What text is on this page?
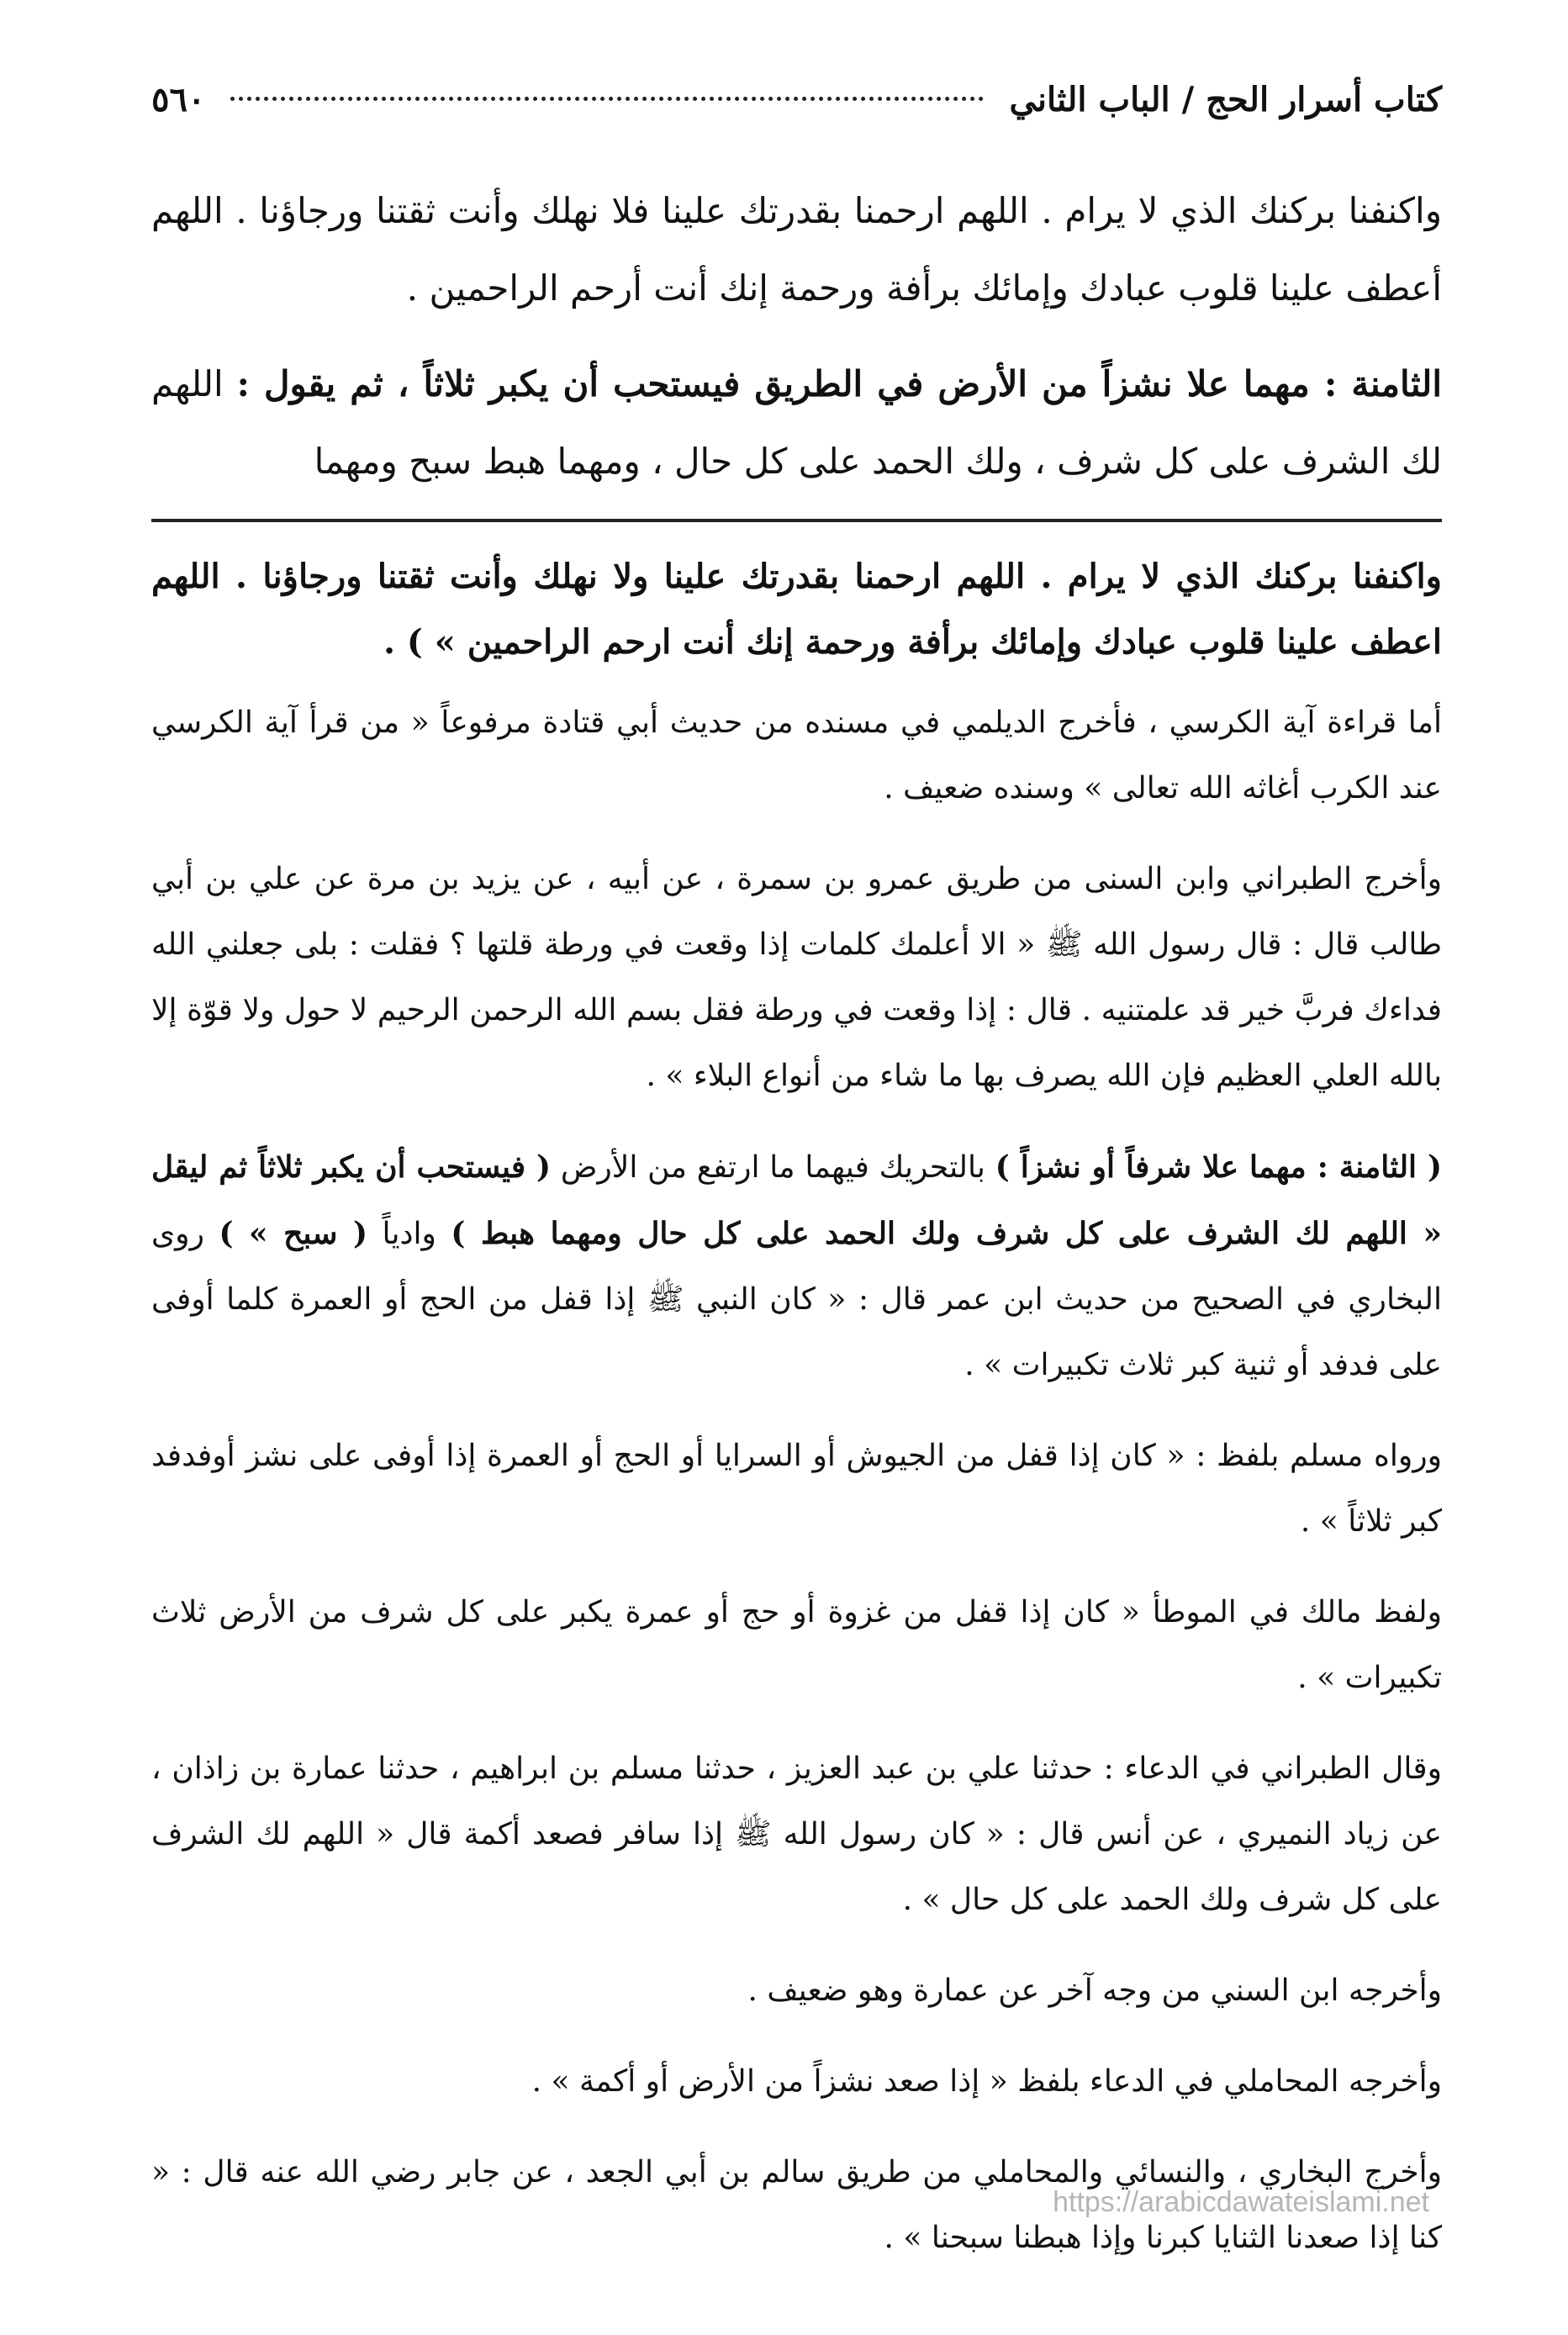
كتاب أسرار الحج / الباب الثاني
٥٦٠

واكنفنا بركنك الذي لا يرام . اللهم ارحمنا بقدرتك علينا فلا نهلك وأنت ثقتنا ورجاؤنا . اللهم أعطف علينا قلوب عبادك وإمائك برأفة ورحمة إنك أنت أرحم الراحمين .

الثامنة : مهما علا نشزاً من الأرض في الطريق فيستحب أن يكبر ثلاثاً ، ثم يقول : اللهم لك الشرف على كل شرف ، ولك الحمد على كل حال ، ومهما هبط سبح ومهما

واكنفنا بركنك الذي لا يرام . اللهم ارحمنا بقدرتك علينا ولا نهلك وأنت ثقتنا ورجاؤنا . اللهم اعطف علينا قلوب عبادك وإمائك برأفة ورحمة إنك أنت ارحم الراحمين » ) .

أما قراءة آية الكرسي ، فأخرج الديلمي في مسنده من حديث أبي قتادة مرفوعاً « من قرأ آية الكرسي عند الكرب أغاثه الله تعالى » وسنده ضعيف .

وأخرج الطبراني وابن السنى من طريق عمرو بن سمرة ، عن أبيه ، عن يزيد بن مرة عن علي بن أبي طالب قال : قال رسول الله ﷺ « الا أعلمك كلمات إذا وقعت في ورطة قلتها ؟ فقلت : بلى جعلني الله فداءك فربَّ خير قد علمتنيه . قال : إذا وقعت في ورطة فقل بسم الله الرحمن الرحيم لا حول ولا قوّة إلا بالله العلي العظيم فإن الله يصرف بها ما شاء من أنواع البلاء » .

( الثامنة : مهما علا شرفاً أو نشزاً ) بالتحريك فيهما ما ارتفع من الأرض ( فيستحب أن يكبر ثلاثاً ثم ليقل « اللهم لك الشرف على كل شرف ولك الحمد على كل حال ومهما هبط ) وادياً ( سبح » ) روى البخاري في الصحيح من حديث ابن عمر قال : « كان النبي ﷺ إذا قفل من الحج أو العمرة كلما أوفى على فدفد أو ثنية كبر ثلاث تكبيرات » .

ورواه مسلم بلفظ : « كان إذا قفل من الجيوش أو السرايا أو الحج أو العمرة إذا أوفى على نشز أوفدفد كبر ثلاثاً » .

ولفظ مالك في الموطأ « كان إذا قفل من غزوة أو حج أو عمرة يكبر على كل شرف من الأرض ثلاث تكبيرات » .

وقال الطبراني في الدعاء : حدثنا علي بن عبد العزيز ، حدثنا مسلم بن ابراهيم ، حدثنا عمارة بن زاذان ، عن زياد النميري ، عن أنس قال : « كان رسول الله ﷺ إذا سافر فصعد أكمة قال « اللهم لك الشرف على كل شرف ولك الحمد على كل حال » .

وأخرجه ابن السني من وجه آخر عن عمارة وهو ضعيف .

وأخرجه المحاملي في الدعاء بلفظ « إذا صعد نشزاً من الأرض أو أكمة » .

وأخرج البخاري ، والنسائي والمحاملي من طريق سالم بن أبي الجعد ، عن جابر رضي الله عنه قال : « كنا إذا صعدنا الثنايا كبرنا وإذا هبطنا سبحنا » .

https://arabicdawateislami.net
